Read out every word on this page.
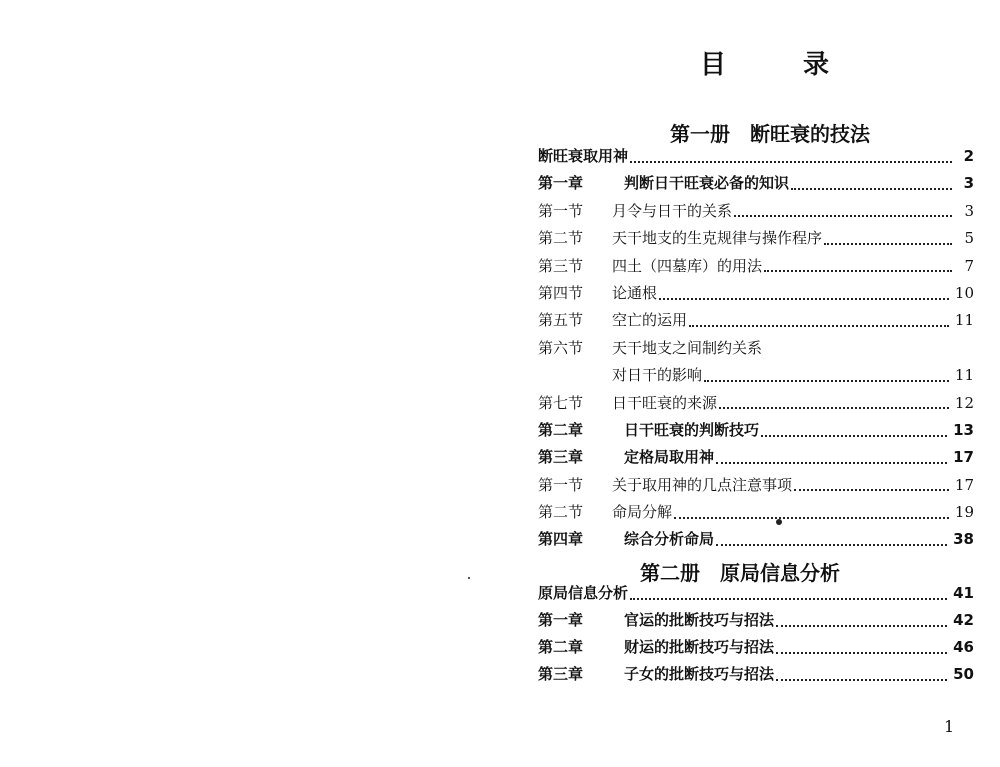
目 录
第一册　断旺衰的技法
断旺衰取用神	2
第一章	判断日干旺衰必备的知识	3
第一节	月令与日干的关系	3
第二节	天干地支的生克规律与操作程序	5
第三节	四土（四墓库）的用法	7
第四节	论通根	10
第五节	空亡的运用	11
第六节	天干地支之间制约关系
对日干的影响	11
第七节	日干旺衰的来源	12
第二章	日干旺衰的判断技巧	13
第三章	定格局取用神	17
第一节	关于取用神的几点注意事项	17
第二节	命局分解	19
第四章	综合分析命局	38
第二册　原局信息分析
原局信息分析	41
第一章	官运的批断技巧与招法	42
第二章	财运的批断技巧与招法	46
第三章	子女的批断技巧与招法	50
1
